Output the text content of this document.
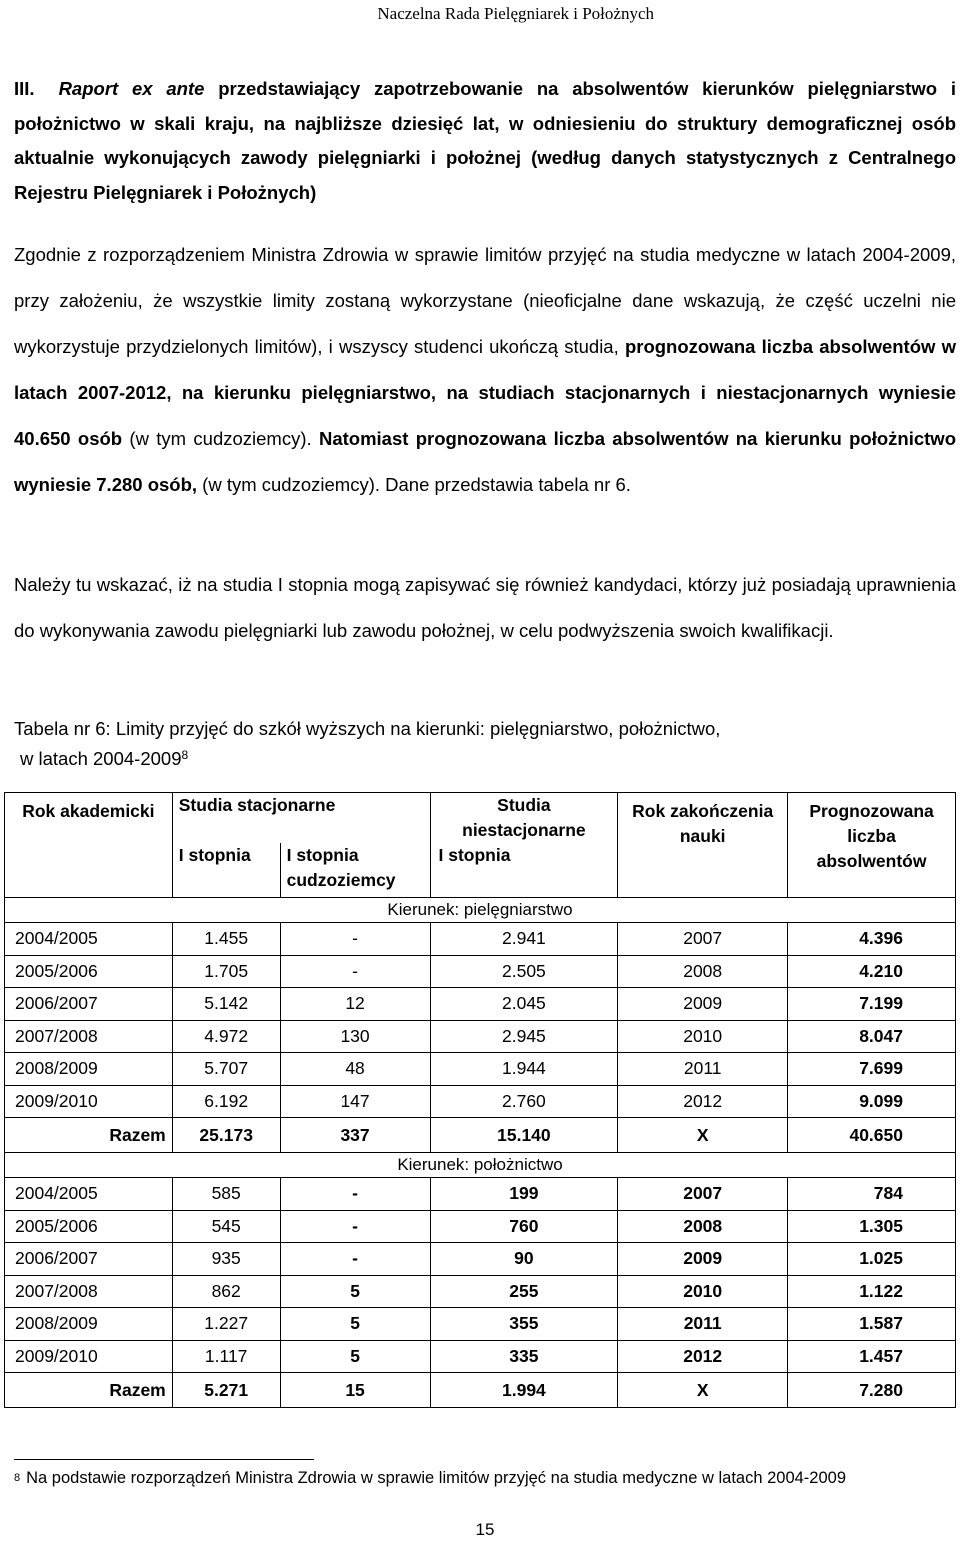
Naczelna Rada Pielęgniarek i Położnych
III. Raport ex ante przedstawiający zapotrzebowanie na absolwentów kierunków pielęgniarstwo i położnictwo w skali kraju, na najbliższe dziesięć lat, w odniesieniu do struktury demograficznej osób aktualnie wykonujących zawody pielęgniarki i położnej (według danych statystycznych z Centralnego Rejestru Pielęgniarek i Położnych)
Zgodnie z rozporządzeniem Ministra Zdrowia w sprawie limitów przyjęć na studia medyczne w latach 2004-2009, przy założeniu, że wszystkie limity zostaną wykorzystane (nieoficjalne dane wskazują, że część uczelni nie wykorzystuje przydzielonych limitów), i wszyscy studenci ukończą studia, prognozowana liczba absolwentów w latach 2007-2012, na kierunku pielęgniarstwo, na studiach stacjonarnych i niestacjonarnych wyniesie 40.650 osób (w tym cudzoziemcy). Natomiast prognozowana liczba absolwentów na kierunku położnictwo wyniesie 7.280 osób, (w tym cudzoziemcy). Dane przedstawia tabela nr 6.
Należy tu wskazać, iż na studia I stopnia mogą zapisywać się również kandydaci, którzy już posiadają uprawnienia do wykonywania zawodu pielęgniarki lub zawodu położnej, w celu podwyższenia swoich kwalifikacji.
Tabela nr 6: Limity przyjęć do szkół wyższych na kierunki: pielęgniarstwo, położnictwo,
w latach 2004-2009$^8$
Rok akademicki	Studia stacjonarne		Studia niestacjonarne	Rok zakończenia nauki	Prognozowana liczba absolwentów
	I stopnia	I stopnia cudzoziemcy	I stopnia		
Kierunek: pielęgniarstwo					
2004/2005	1.455	-	2.941	2007	4.396
2005/2006	1.705	-	2.505	2008	4.210
2006/2007	5.142	12	2.045	2009	7.199
2007/2008	4.972	130	2.945	2010	8.047
2008/2009	5.707	48	1.944	2011	7.699
2009/2010	6.192	147	2.760	2012	9.099
Razem	25.173	337	15.140	X	40.650
Kierunek: położnictwo					
2004/2005	585	-	199	2007	784
2005/2006	545	-	760	2008	1.305
2006/2007	935	-	90	2009	1.025
2007/2008	862	5	255	2010	1.122
2008/2009	1.227	5	355	2011	1.587
2009/2010	1.117	5	335	2012	1.457
Razem	5.271	15	1.994	X	7.280
$^8$ Na podstawie rozporządzeń Ministra Zdrowia w sprawie limitów przyjęć na studia medyczne w latach 2004-2009
15
